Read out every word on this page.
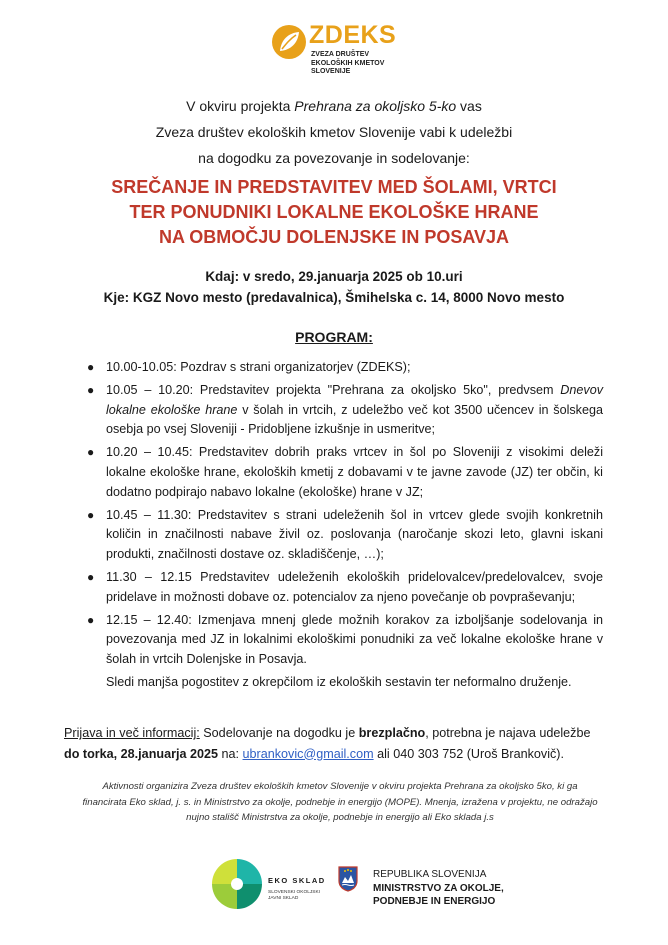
ZDEKS
ZVEZA DRUŠTEV
EKOLOŠKIH KMETOV
SLOVENIJE
V okviru projekta Prehrana za okoljsko 5-ko vas
Zveza društev ekoloških kmetov Slovenije vabi k udeležbi
na dogodku za povezovanje in sodelovanje:
SREČANJE IN PREDSTAVITEV MED ŠOLAMI, VRTCI
TER PONUDNIKI LOKALNE EKOLOŠKE HRANE
NA OBMOČJU DOLENJSKE IN POSAVJA
Kdaj: v sredo, 29.januarja 2025 ob 10.uri
Kje: KGZ Novo mesto (predavalnica), Šmihelska c. 14, 8000 Novo mesto
PROGRAM:
● 10.00-10.05: Pozdrav s strani organizatorjev (ZDEKS);
● 10.05 – 10.20: Predstavitev projekta "Prehrana za okoljsko 5ko", predvsem Dnevov lokalne ekološke hrane v šolah in vrtcih, z udeležbo več kot 3500 učencev in šolskega osebja po vsej Sloveniji - Pridobljene izkušnje in usmeritve;
● 10.20 – 10.45: Predstavitev dobrih praks vrtcev in šol po Sloveniji z visokimi deleži lokalne ekološke hrane, ekoloških kmetij z dobavami v te javne zavode (JZ) ter občin, ki dodatno podpirajo nabavo lokalne (ekološke) hrane v JZ;
● 10.45 – 11.30: Predstavitev s strani udeleženih šol in vrtcev glede svojih konkretnih količin in značilnosti nabave živil oz. poslovanja (naročanje skozi leto, glavni iskani produkti, značilnosti dostave oz. skladiščenje, …);
● 11.30 – 12.15 Predstavitev udeleženih ekoloških pridelovalcev/predelovalcev, svoje pridelave in možnosti dobave oz. potencialov za njeno povečanje ob povpraševanju;
● 12.15 – 12.40: Izmenjava mnenj glede možnih korakov za izboljšanje sodelovanja in povezovanja med JZ in lokalnimi ekološkimi ponudniki za več lokalne ekološke hrane v šolah in vrtcih Dolenjske in Posavja.
Sledi manjša pogostitev z okrepčilom iz ekoloških sestavin ter neformalno druženje.
Prijava in več informacij: Sodelovanje na dogodku je brezplačno, potrebna je najava udeležbe do torka, 28.januarja 2025 na: ubrankovic@gmail.com ali 040 303 752 (Uroš Brankovič).
Aktivnosti organizira Zveza društev ekoloških kmetov Slovenije v okviru projekta Prehrana za okoljsko 5ko, ki ga financirata Eko sklad, j. s. in Ministrstvo za okolje, podnebje in energijo (MOPE). Mnenja, izražena v projektu, ne odražajo nujno stališč Ministrstva za okolje, podnebje in energijo ali Eko sklada j.s
EKO SKLAD
SLOVENSKI OKOLJSKI
JAVNI SKLAD
REPUBLIKA SLOVENIJA
MINISTRSTVO ZA OKOLJE,
PODNEBJE IN ENERGIJO
